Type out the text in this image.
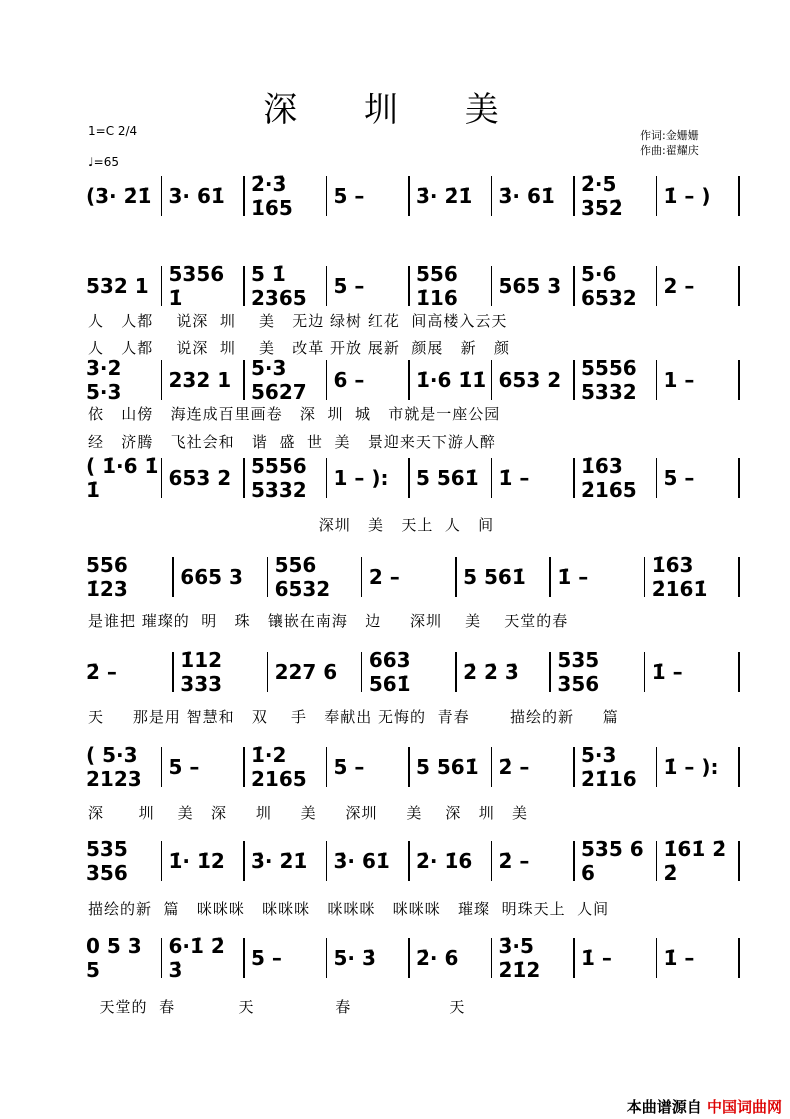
深 圳 美
1=C 2/4
♩=65
作词:金姗姗
作曲:翟耀庆
(3· 2̇1̇ 3· 61̇	2̇·3̇ 1̇65	5 –	3̇· 2̇1̇	3̇· 61̇	2̇·5 352̇	1̇ – )
532 1 5356 1̇
5 1̇ 2365	5 –	556 1̇16	565 3 5·6 6532	2 –
3·2 5·3	232 1 5·3 5627	6 –	1̇·6 1̇1̇ 653 2 5556 5332	1 –
( 1̇·6 1̇ 1̇	653 2 5556 5332	1 – ):	5 561̇ 1̇ –	1̇63 2̇165	5 –
556 1̇23	665 3	556 6532	2 –	5 561̇	1̇ –	1̇63 2̇161̇
2̇ –	1̇12 333	227 6	663 561̇	2̇ 2̇ 3̇	535 356	1̇ –
( 5·3 2123	5 –	1̇·2 2165	5 –	5 561̇ 2̇ –	5·3 2̇1̇16	1̇ – ):
535 356	1̇· 1̇2	3̇· 2̇1̇	3̇· 61̇	2̇· 1̇6	2̇ –	535 6 6
1̇61̇ 2̇ 2̇
0 5 3 5
6·1̇ 2̇ 3̇	5 –	5· 3̇	2̇· 6	3̇·5 2̇1̇2	1̇ –	1̇ –
人   人都    说深  圳    美   无边 绿树 红花  间高楼入云天
人   人都    说深  圳    美   改革 开放 展新  颜展   新   颜
依   山傍   海连成百里画卷   深  圳  城   市就是一座公园
经   济腾   飞社会和   谐  盛  世  美   景迎来天下游人醉
深圳   美   天上  人   间
是谁把 璀璨的  明   珠   镶嵌在南海   边     深圳    美    天堂的春
天     那是用 智慧和   双    手   奉献出 无悔的  青春       描绘的新     篇
深      圳    美   深     圳     美     深圳     美    深   圳   美
描绘的新  篇   咪咪咪   咪咪咪   咪咪咪   咪咪咪   璀璨  明珠天上  人间
天堂的  春           天              春                 天
本曲谱源自 中国词曲网
